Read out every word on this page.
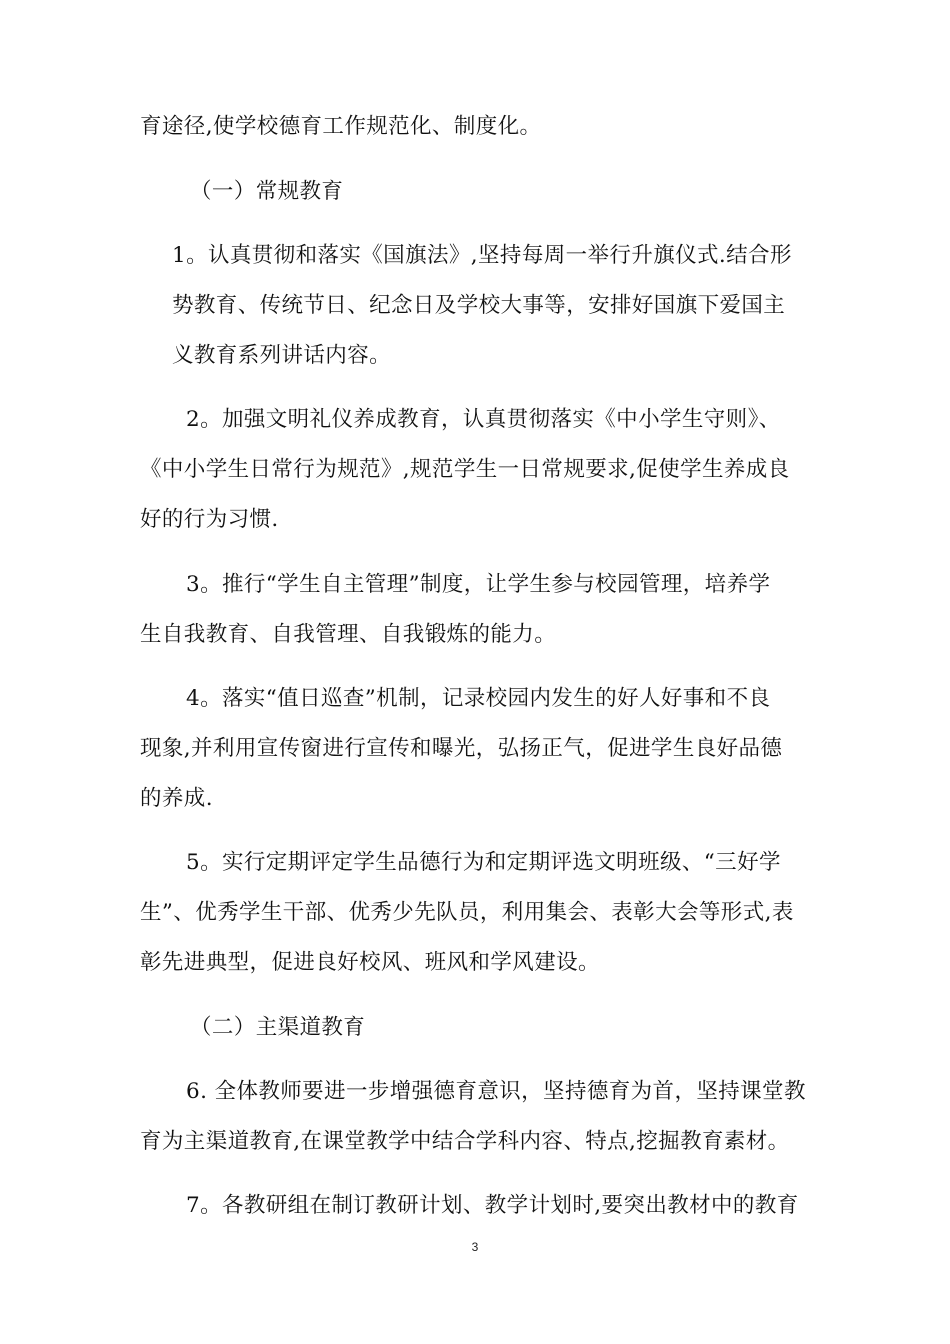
育途径,使学校德育工作规范化、制度化。
（一）常规教育
1。认真贯彻和落实《国旗法》,坚持每周一举行升旗仪式.结合形
势教育、传统节日、纪念日及学校大事等，安排好国旗下爱国主
义教育系列讲话内容。
2。加强文明礼仪养成教育，认真贯彻落实《中小学生守则》、
《中小学生日常行为规范》,规范学生一日常规要求,促使学生养成良
好的行为习惯.
3。推行“学生自主管理”制度，让学生参与校园管理，培养学
生自我教育、自我管理、自我锻炼的能力。
4。落实“值日巡查”机制，记录校园内发生的好人好事和不良
现象,并利用宣传窗进行宣传和曝光，弘扬正气，促进学生良好品德
的养成.
5。实行定期评定学生品德行为和定期评选文明班级、“三好学
生”、优秀学生干部、优秀少先队员，利用集会、表彰大会等形式,表
彰先进典型，促进良好校风、班风和学风建设。
（二）主渠道教育
6. 全体教师要进一步增强德育意识，坚持德育为首，坚持课堂教
育为主渠道教育,在课堂教学中结合学科内容、特点,挖掘教育素材。
7。各教研组在制订教研计划、教学计划时,要突出教材中的教育
3
